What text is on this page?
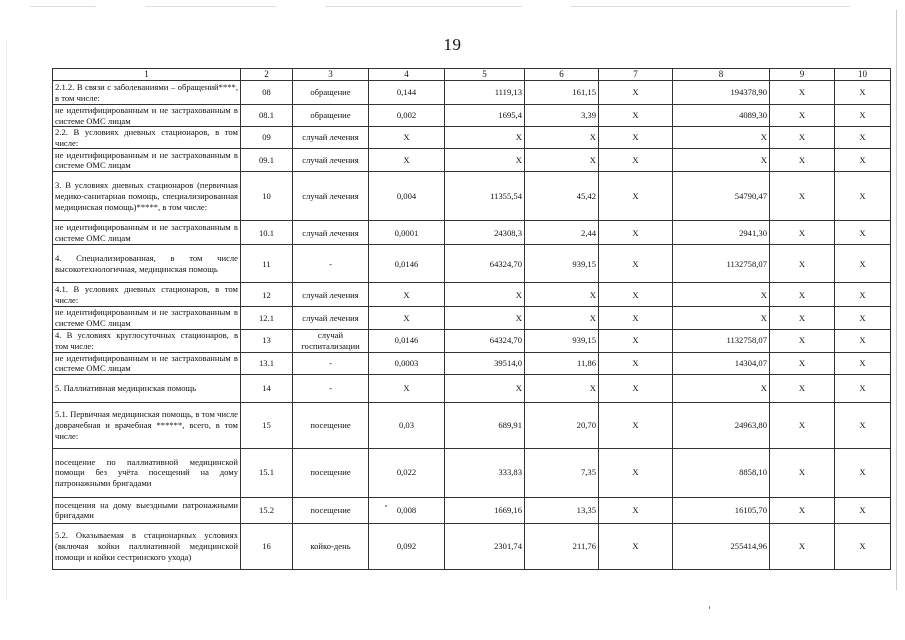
19
1	2	3	4	5	6	7	8	9	10
2.1.2. В связи с заболеваниями – обращений****, в том числе:	08	обращение	0,144	1119,13	161,15	X	194378,90	X	X
не идентифицированным и не застрахованным в системе ОМС лицам	08.1	обращение	0,002	1695,4	3,39	X	4089,30	X	X
2.2. В условиях дневных стационаров, в том числе:	09	случай лечения	X	X	X	X	X	X	X
не идентифицированным и не застрахованным в системе ОМС лицам	09.1	случай лечения	X	X	X	X	X	X	X
3. В условиях дневных стационаров (первичная медико-санитарная помощь, специализированная медицинская помощь)*****, в том числе:	10	случай лечения	0,004	11355,54	45,42	X	54790,47	X	X
не идентифицированным и не застрахованным в системе ОМС лицам	10.1	случай лечения	0,0001	24308,3	2,44	X	2941,30	X	X
4. Специализированная, в том числе высокотехнологичная, медицинская помощь	11	-	0,0146	64324,70	939,15	X	1132758,07	X	X
4.1. В условиях дневных стационаров, в том числе:	12	случай лечения	X	X	X	X	X	X	X
не идентифицированным и не застрахованным в системе ОМС лицам	12.1	случай лечения	X	X	X	X	X	X	X
4. В условиях круглосуточных стационаров, в том числе:	13	случай госпитализации	0,0146	64324,70	939,15	X	1132758,07	X	X
не идентифицированным и не застрахованным в системе ОМС лицам	13.1	-	0,0003	39514,0	11,86	X	14304,07	X	X
5. Паллиативная медицинская помощь	14	-	X	X	X	X	X	X	X
5.1. Первичная медицинская помощь, в том числе доврачебная и врачебная ******, всего, в том числе:	15	посещение	0,03	689,91	20,70	X	24963,80	X	X
посещение по паллиативной медицинской помощи без учёта посещений на дому патронажными бригадами	15.1	посещение	0,022	333,83	7,35	X	8858,10	X	X
посещения на дому выездными патронажными бригадами	15.2	посещение	0,008	1669,16	13,35	X	16105,70	X	X
5.2. Оказываемая в стационарных условиях (включая койки паллиативной медицинской помощи и койки сестринского ухода)	16	койко-день	0,092	2301,74	211,76	X	255414,96	X	X
